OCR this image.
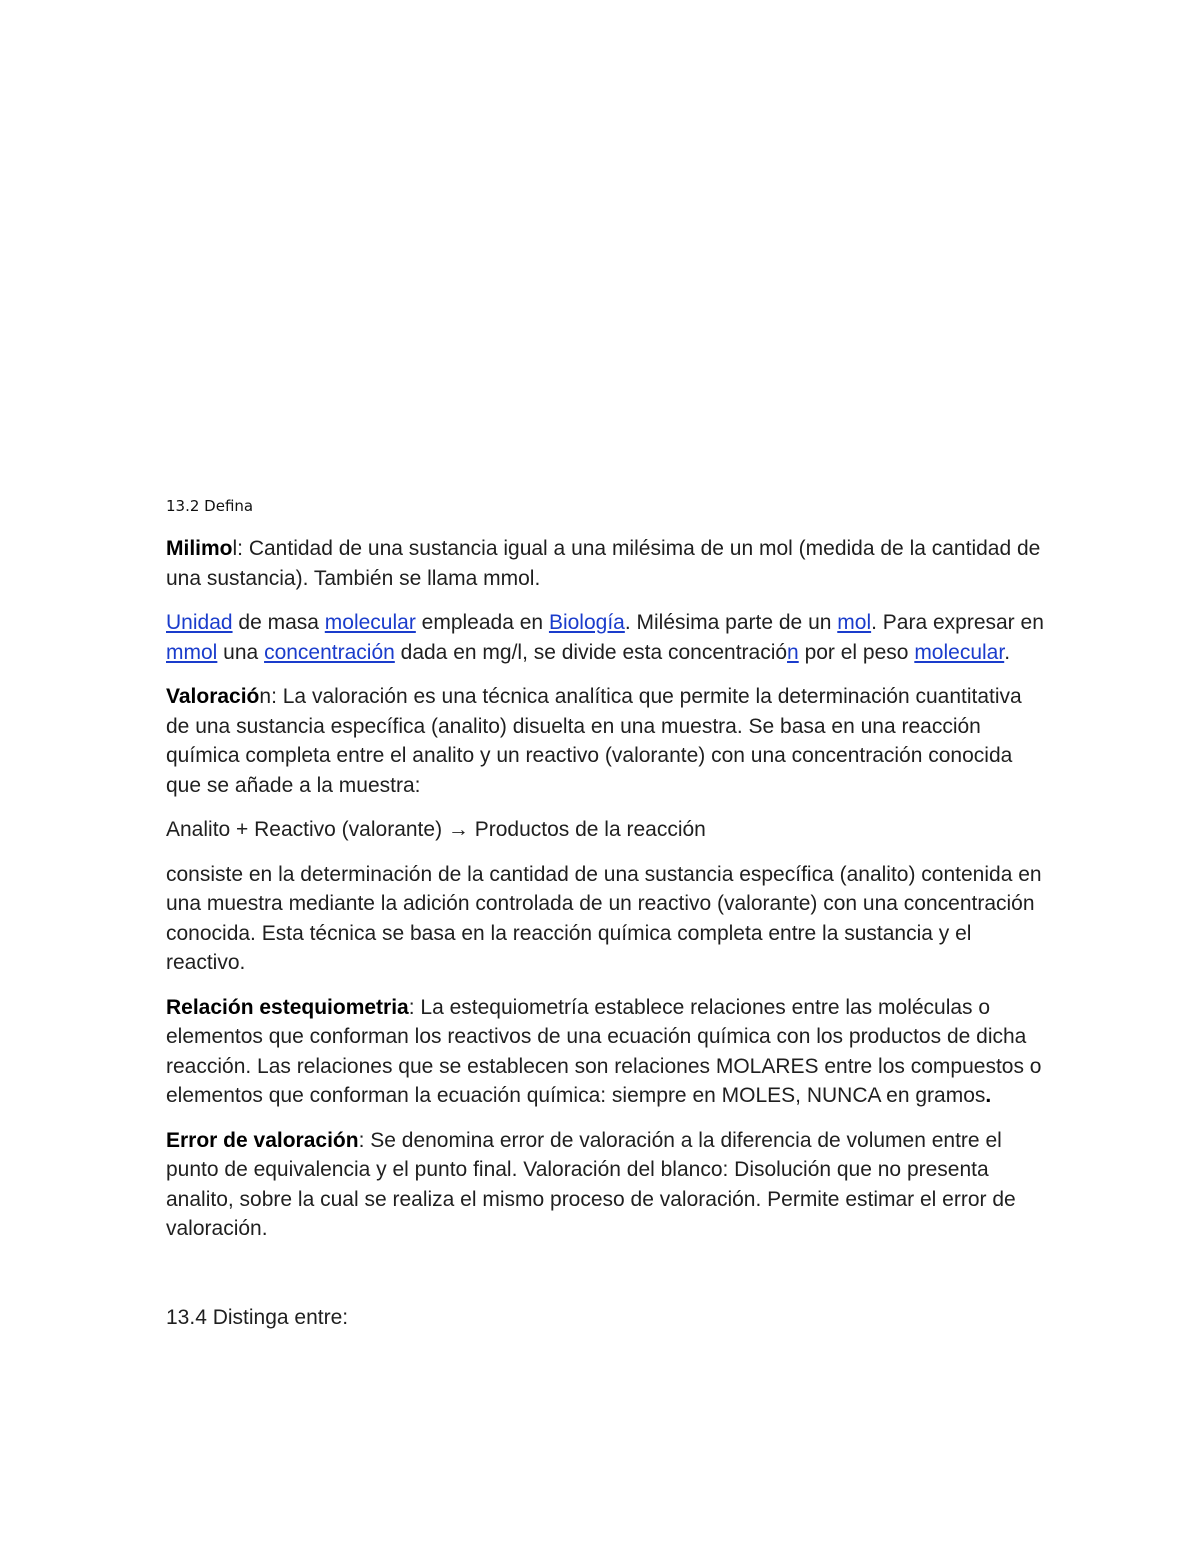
13.2 Defina

Milimol: Cantidad de una sustancia igual a una milésima de un mol (medida de la cantidad de una sustancia). También se llama mmol.

Unidad de masa molecular empleada en Biología. Milésima parte de un mol. Para expresar en mmol una concentración dada en mg/l, se divide esta concentración por el peso molecular.

Valoración: La valoración es una técnica analítica que permite la determinación cuantitativa de una sustancia específica (analito) disuelta en una muestra. Se basa en una reacción química completa entre el analito y un reactivo (valorante) con una concentración conocida que se añade a la muestra:

Analito + Reactivo (valorante) → Productos de la reacción

consiste en la determinación de la cantidad de una sustancia específica (analito) contenida en una muestra mediante la adición controlada de un reactivo (valorante) con una concentración conocida. Esta técnica se basa en la reacción química completa entre la sustancia y el reactivo.

Relación estequiometria: La estequiometría establece relaciones entre las moléculas o elementos que conforman los reactivos de una ecuación química con los productos de dicha reacción. Las relaciones que se establecen son relaciones MOLARES entre los compuestos o elementos que conforman la ecuación química: siempre en MOLES, NUNCA en gramos.

Error de valoración: Se denomina error de valoración a la diferencia de volumen entre el punto de equivalencia y el punto final. Valoración del blanco: Disolución que no presenta analito, sobre la cual se realiza el mismo proceso de valoración. Permite estimar el error de valoración.

13.4 Distinga entre:
